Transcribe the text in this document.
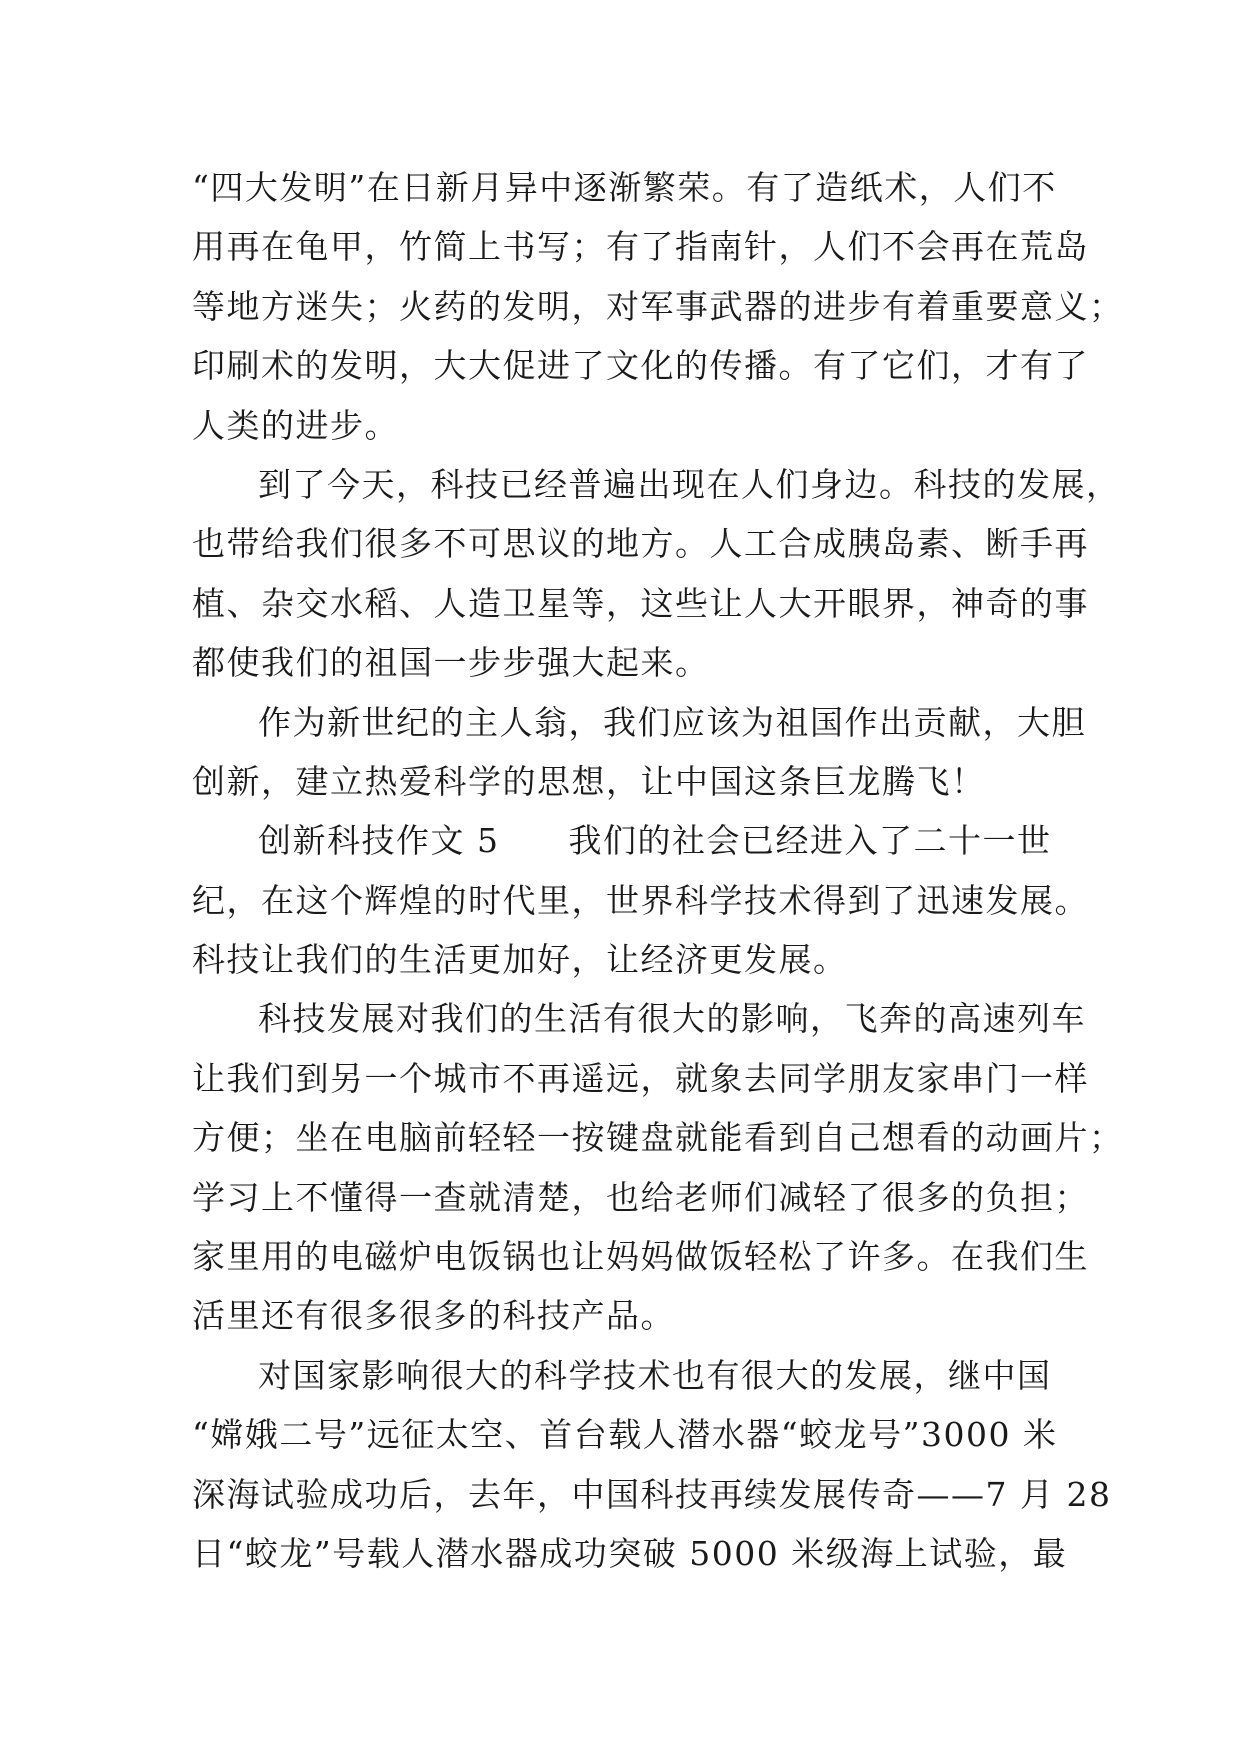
“四大发明”在日新月异中逐渐繁荣。有了造纸术，人们不
用再在龟甲，竹简上书写；有了指南针，人们不会再在荒岛
等地方迷失；火药的发明，对军事武器的进步有着重要意义；
印刷术的发明，大大促进了文化的传播。有了它们，才有了
人类的进步。
到了今天，科技已经普遍出现在人们身边。科技的发展，
也带给我们很多不可思议的地方。人工合成胰岛素、断手再
植、杂交水稻、人造卫星等，这些让人大开眼界，神奇的事
都使我们的祖国一步步强大起来。
作为新世纪的主人翁，我们应该为祖国作出贡献，大胆
创新，建立热爱科学的思想，让中国这条巨龙腾飞！
创新科技作文 5　　我们的社会已经进入了二十一世
纪，在这个辉煌的时代里，世界科学技术得到了迅速发展。
科技让我们的生活更加好，让经济更发展。
科技发展对我们的生活有很大的影响，飞奔的高速列车
让我们到另一个城市不再遥远，就象去同学朋友家串门一样
方便；坐在电脑前轻轻一按键盘就能看到自己想看的动画片；
学习上不懂得一查就清楚，也给老师们减轻了很多的负担；
家里用的电磁炉电饭锅也让妈妈做饭轻松了许多。在我们生
活里还有很多很多的科技产品。
对国家影响很大的科学技术也有很大的发展，继中国
“嫦娥二号”远征太空、首台载人潜水器“蛟龙号”3000 米
深海试验成功后，去年，中国科技再续发展传奇——7 月 28
日“蛟龙”号载人潜水器成功突破 5000 米级海上试验，最
